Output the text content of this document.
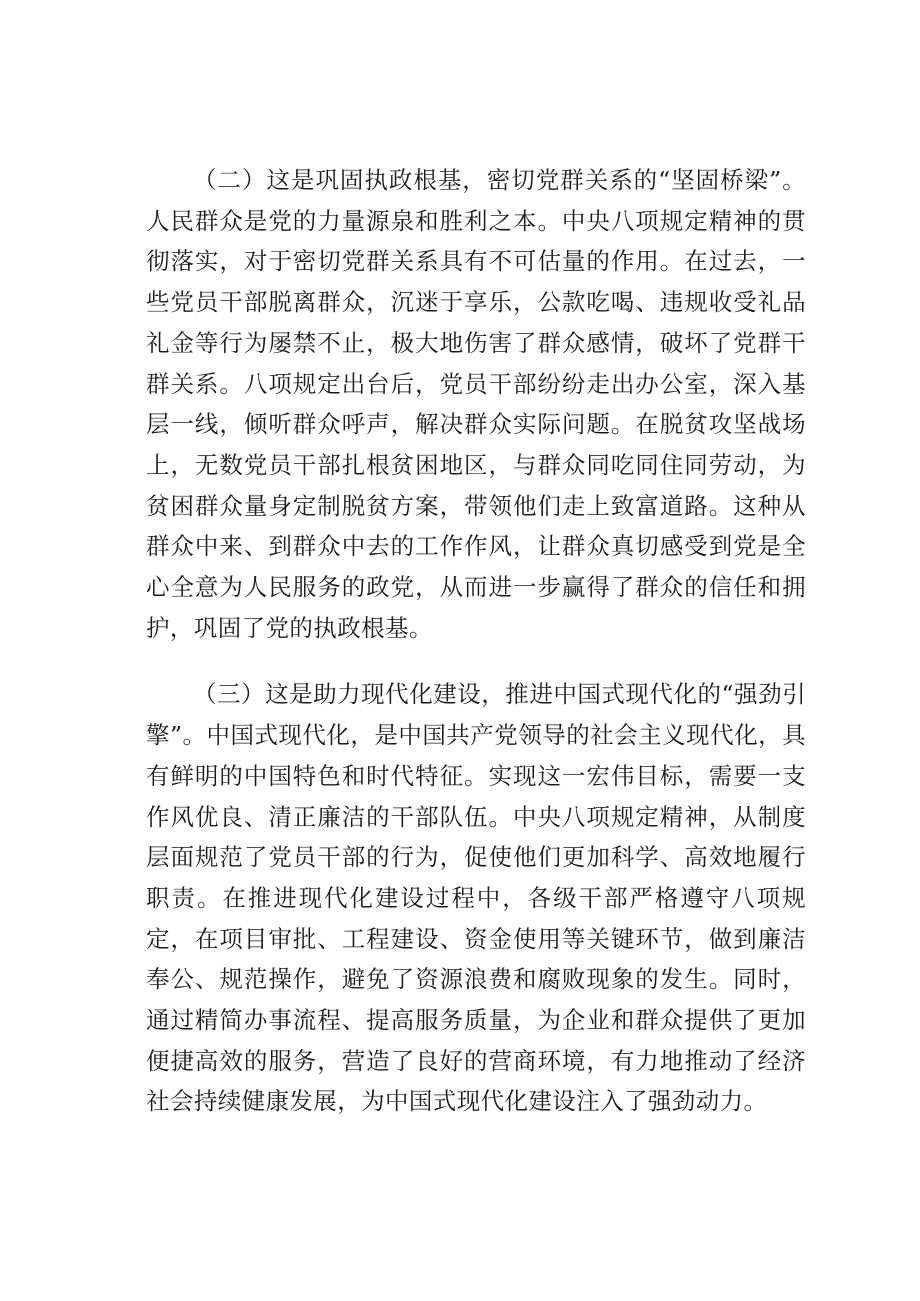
（二）这是巩固执政根基，密切党群关系的“坚固桥梁”。人民群众是党的力量源泉和胜利之本。中央八项规定精神的贯彻落实，对于密切党群关系具有不可估量的作用。在过去，一些党员干部脱离群众，沉迷于享乐，公款吃喝、违规收受礼品礼金等行为屡禁不止，极大地伤害了群众感情，破坏了党群干群关系。八项规定出台后，党员干部纷纷走出办公室，深入基层一线，倾听群众呼声，解决群众实际问题。在脱贫攻坚战场上，无数党员干部扎根贫困地区，与群众同吃同住同劳动，为贫困群众量身定制脱贫方案，带领他们走上致富道路。这种从群众中来、到群众中去的工作作风，让群众真切感受到党是全心全意为人民服务的政党，从而进一步赢得了群众的信任和拥护，巩固了党的执政根基。

（三）这是助力现代化建设，推进中国式现代化的“强劲引擎”。中国式现代化，是中国共产党领导的社会主义现代化，具有鲜明的中国特色和时代特征。实现这一宏伟目标，需要一支作风优良、清正廉洁的干部队伍。中央八项规定精神，从制度层面规范了党员干部的行为，促使他们更加科学、高效地履行职责。在推进现代化建设过程中，各级干部严格遵守八项规定，在项目审批、工程建设、资金使用等关键环节，做到廉洁奉公、规范操作，避免了资源浪费和腐败现象的发生。同时，通过精简办事流程、提高服务质量，为企业和群众提供了更加便捷高效的服务，营造了良好的营商环境，有力地推动了经济社会持续健康发展，为中国式现代化建设注入了强劲动力。
